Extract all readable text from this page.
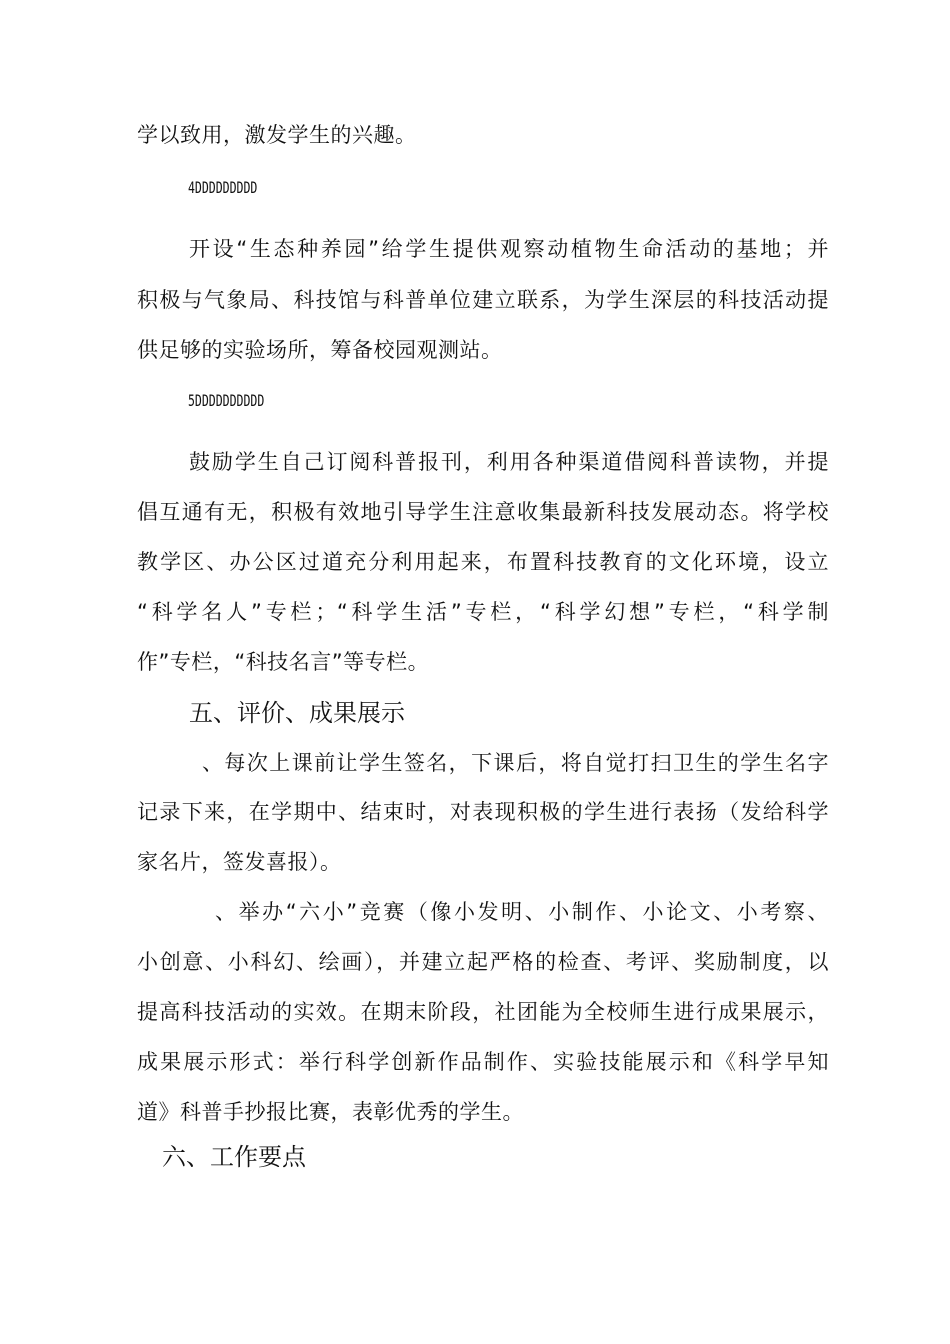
学以致用，激发学生的兴趣。
4DDDDDDDDD
开设“生态种养园”给学生提供观察动植物生命活动的基地；并
积极与气象局、科技馆与科普单位建立联系，为学生深层的科技活动提
供足够的实验场所，筹备校园观测站。
5DDDDDDDDDD
鼓励学生自己订阅科普报刊，利用各种渠道借阅科普读物，并提
倡互通有无，积极有效地引导学生注意收集最新科技发展动态。将学校
教学区、办公区过道充分利用起来，布置科技教育的文化环境，设立
“科学名人”专栏；“科学生活”专栏，“科学幻想”专栏，“科学制
作”专栏，“科技名言”等专栏。
五、评价、成果展示
、每次上课前让学生签名，下课后，将自觉打扫卫生的学生名字
记录下来，在学期中、结束时，对表现积极的学生进行表扬（发给科学
家名片，签发喜报）。
、举办“六小”竞赛（像小发明、小制作、小论文、小考察、
小创意、小科幻、绘画），并建立起严格的检查、考评、奖励制度，以
提高科技活动的实效。在期末阶段，社团能为全校师生进行成果展示，
成果展示形式：举行科学创新作品制作、实验技能展示和《科学早知
道》科普手抄报比赛，表彰优秀的学生。
六、工作要点
